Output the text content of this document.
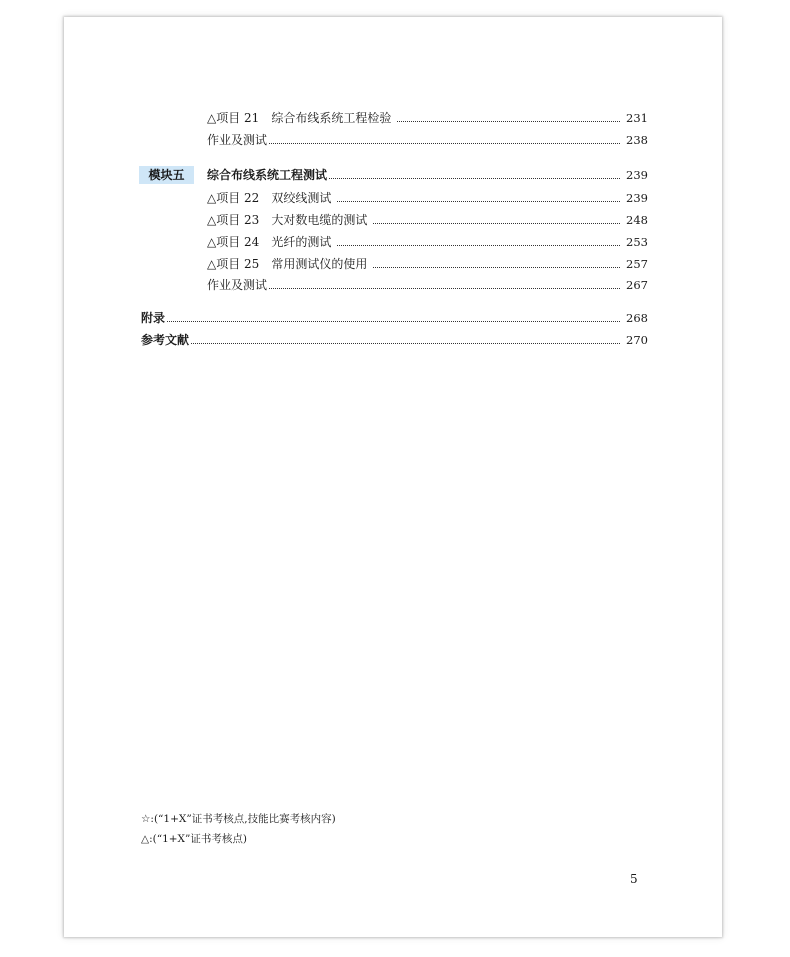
△ 项目 21 综合布线系统工程检验	231
作业及测试	238
模块五	综合布线系统工程测试	239
△ 项目 22 双绞线测试	239
△ 项目 23 大对数电缆的测试	248
△ 项目 24 光纤的测试	253
△ 项目 25 常用测试仪的使用	257
作业及测试	267
附录	268
参考文献	270
☆:(“1+X”证书考核点,技能比赛考核内容)
△:(“1+X”证书考核点)
5
